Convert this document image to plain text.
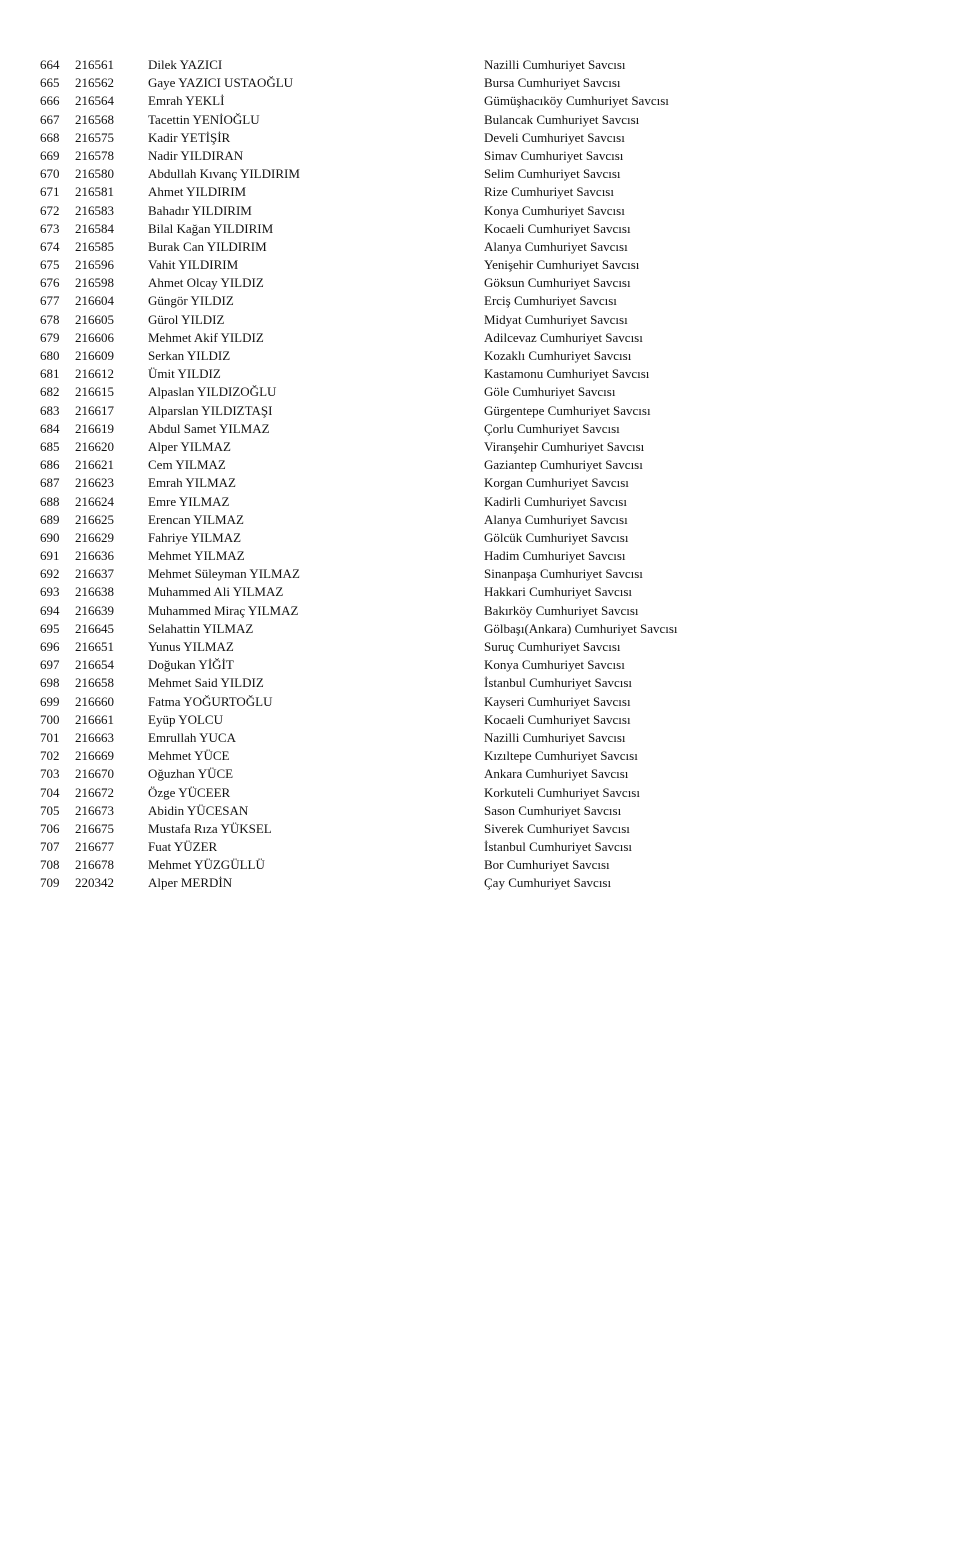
664 216561	Dilek YAZICI	Nazilli Cumhuriyet Savcısı
665 216562	Gaye YAZICI USTAOĞLU	Bursa Cumhuriyet Savcısı
666 216564	Emrah YEKLİ	Gümüşhacıköy Cumhuriyet Savcısı
667 216568	Tacettin YENİOĞLU	Bulancak Cumhuriyet Savcısı
668 216575	Kadir YETİŞİR	Develi Cumhuriyet Savcısı
669 216578	Nadir YILDIRAN	Simav Cumhuriyet Savcısı
670 216580	Abdullah Kıvanç YILDIRIM	Selim Cumhuriyet Savcısı
671 216581	Ahmet YILDIRIM	Rize Cumhuriyet Savcısı
672 216583	Bahadır YILDIRIM	Konya Cumhuriyet Savcısı
673 216584	Bilal Kağan YILDIRIM	Kocaeli Cumhuriyet Savcısı
674 216585	Burak Can YILDIRIM	Alanya Cumhuriyet Savcısı
675 216596	Vahit YILDIRIM	Yenişehir Cumhuriyet Savcısı
676 216598	Ahmet Olcay YILDIZ	Göksun Cumhuriyet Savcısı
677 216604	Güngör YILDIZ	Erciş Cumhuriyet Savcısı
678 216605	Gürol YILDIZ	Midyat Cumhuriyet Savcısı
679 216606	Mehmet Akif YILDIZ	Adilcevaz Cumhuriyet Savcısı
680 216609	Serkan YILDIZ	Kozaklı Cumhuriyet Savcısı
681 216612	Ümit YILDIZ	Kastamonu Cumhuriyet Savcısı
682 216615	Alpaslan YILDIZOĞLU	Göle Cumhuriyet Savcısı
683 216617	Alparslan YILDIZTAŞI	Gürgentepe Cumhuriyet Savcısı
684 216619	Abdul Samet YILMAZ	Çorlu Cumhuriyet Savcısı
685 216620	Alper YILMAZ	Viranşehir Cumhuriyet Savcısı
686 216621	Cem YILMAZ	Gaziantep Cumhuriyet Savcısı
687 216623	Emrah YILMAZ	Korgan Cumhuriyet Savcısı
688 216624	Emre YILMAZ	Kadirli Cumhuriyet Savcısı
689 216625	Erencan YILMAZ	Alanya Cumhuriyet Savcısı
690 216629	Fahriye YILMAZ	Gölcük Cumhuriyet Savcısı
691 216636	Mehmet YILMAZ	Hadim Cumhuriyet Savcısı
692 216637	Mehmet Süleyman YILMAZ	Sinanpaşa Cumhuriyet Savcısı
693 216638	Muhammed Ali YILMAZ	Hakkari Cumhuriyet Savcısı
694 216639	Muhammed Miraç YILMAZ	Bakırköy Cumhuriyet Savcısı
695 216645	Selahattin YILMAZ	Gölbaşı(Ankara) Cumhuriyet Savcısı
696 216651	Yunus YILMAZ	Suruç Cumhuriyet Savcısı
697 216654	Doğukan YİĞİT	Konya Cumhuriyet Savcısı
698 216658	Mehmet Said YILDIZ	İstanbul Cumhuriyet Savcısı
699 216660	Fatma YOĞURTOĞLU	Kayseri Cumhuriyet Savcısı
700 216661	Eyüp YOLCU	Kocaeli Cumhuriyet Savcısı
701 216663	Emrullah YUCA	Nazilli Cumhuriyet Savcısı
702 216669	Mehmet YÜCE	Kızıltepe Cumhuriyet Savcısı
703 216670	Oğuzhan YÜCE	Ankara Cumhuriyet Savcısı
704 216672	Özge YÜCEER	Korkuteli Cumhuriyet Savcısı
705 216673	Abidin YÜCESAN	Sason Cumhuriyet Savcısı
706 216675	Mustafa Rıza YÜKSEL	Siverek Cumhuriyet Savcısı
707 216677	Fuat YÜZER	İstanbul Cumhuriyet Savcısı
708 216678	Mehmet YÜZGÜLLÜ	Bor Cumhuriyet Savcısı
709 220342	Alper MERDİN	Çay Cumhuriyet Savcısı
